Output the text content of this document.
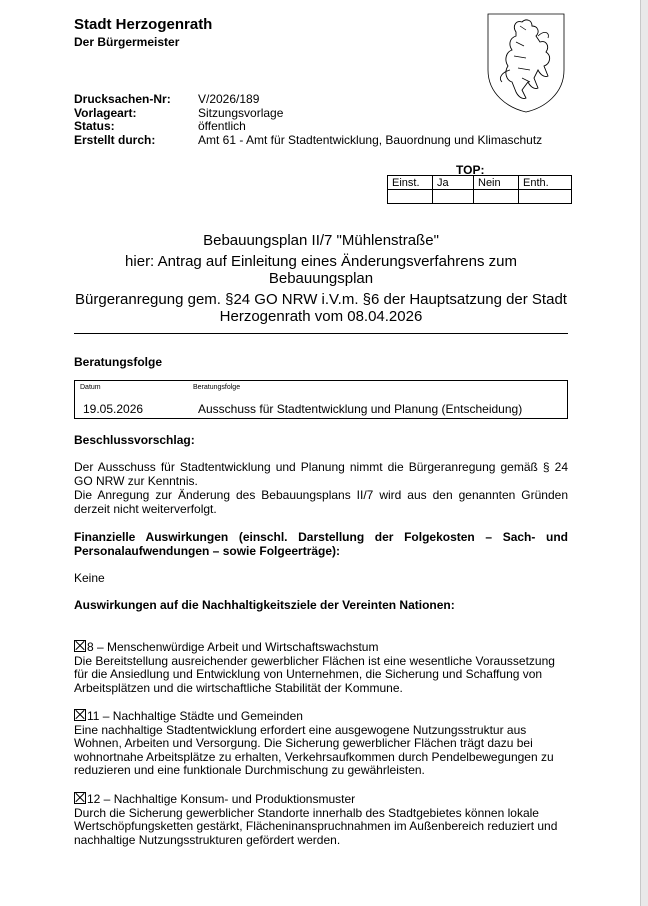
Stadt Herzogenrath
Der Bürgermeister
Drucksachen-Nr:	V/2026/189
Vorlageart:	Sitzungsvorlage
Status:	öffentlich
Erstellt durch:	Amt 61 - Amt für Stadtentwicklung, Bauordnung und Klimaschutz
TOP:___
Einst.	Ja	Nein	Enth.

Bebauungsplan II/7 "Mühlenstraße"

hier: Antrag auf Einleitung eines Änderungsverfahrens zum Bebauungsplan

Bürgeranregung gem. §24 GO NRW i.V.m. §6 der Hauptsatzung der Stadt Herzogenrath vom 08.04.2026

Beratungsfolge
Datum	Beratungsfolge
19.05.2026	Ausschuss für Stadtentwicklung und Planung (Entscheidung)
Beschlussvorschlag:
Der Ausschuss für Stadtentwicklung und Planung nimmt die Bürgeranregung gemäß § 24 GO NRW zur Kenntnis.
Die Anregung zur Änderung des Bebauungsplans II/7 wird aus den genannten Gründen derzeit nicht weiterverfolgt.
Finanzielle Auswirkungen (einschl. Darstellung der Folgekosten – Sach- und Personalaufwendungen – sowie Folgeerträge):
Keine
Auswirkungen auf die Nachhaltigkeitsziele der Vereinten Nationen:
8 – Menschenwürdige Arbeit und Wirtschaftswachstum
Die Bereitstellung ausreichender gewerblicher Flächen ist eine wesentliche Voraussetzung für die Ansiedlung und Entwicklung von Unternehmen, die Sicherung und Schaffung von Arbeitsplätzen und die wirtschaftliche Stabilität der Kommune.
11 – Nachhaltige Städte und Gemeinden
Eine nachhaltige Stadtentwicklung erfordert eine ausgewogene Nutzungsstruktur aus Wohnen, Arbeiten und Versorgung. Die Sicherung gewerblicher Flächen trägt dazu bei wohnortnahe Arbeitsplätze zu erhalten, Verkehrsaufkommen durch Pendelbewegungen zu reduzieren und eine funktionale Durchmischung zu gewährleisten.
12 – Nachhaltige Konsum- und Produktionsmuster
Durch die Sicherung gewerblicher Standorte innerhalb des Stadtgebietes können lokale Wertschöpfungsketten gestärkt, Flächeninanspruchnahmen im Außenbereich reduziert und nachhaltige Nutzungsstrukturen gefördert werden.
